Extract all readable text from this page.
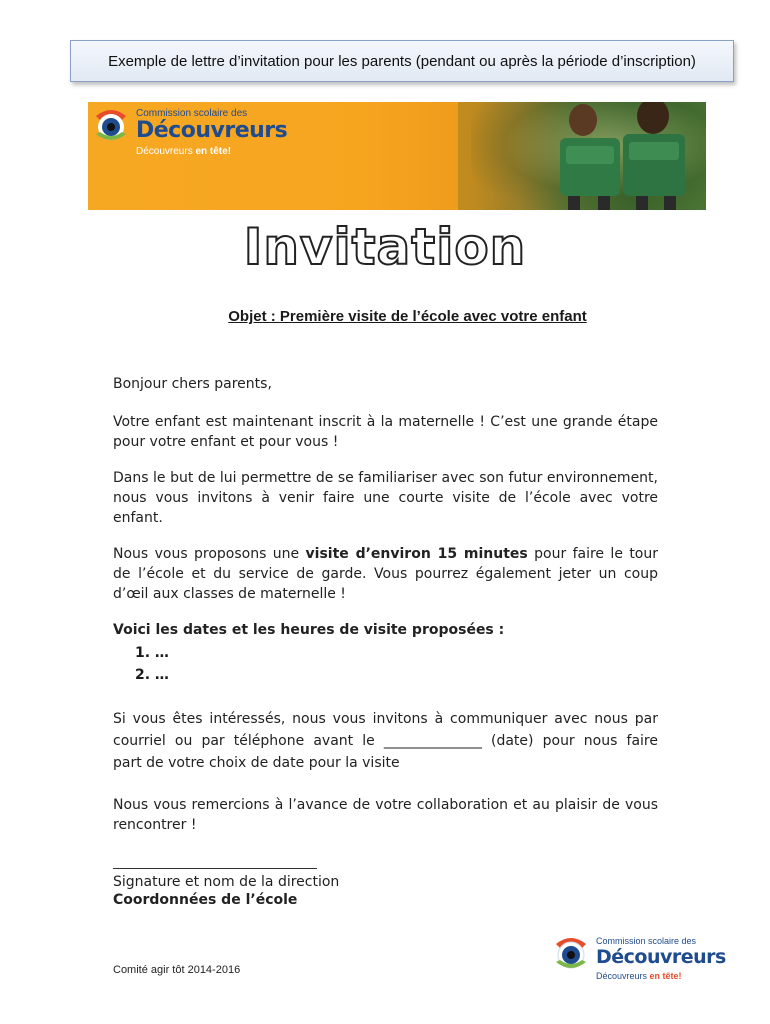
Exemple de lettre d’invitation pour les parents (pendant ou après la période d’inscription)
Commission scolaire des
Découvreurs
Découvreurs en tête!
Invitation
Objet : Première visite de l’école avec votre enfant
Bonjour chers parents,
Votre enfant est maintenant inscrit à la maternelle ! C’est une grande étape pour votre enfant et pour vous !
Dans le but de lui permettre de se familiariser avec son futur environnement, nous vous invitons à venir faire une courte visite de l’école avec votre enfant.
Nous vous proposons une visite d’environ 15 minutes pour faire le tour de l’école et du service de garde. Vous pourrez également jeter un coup d’œil aux classes de maternelle !
Voici les dates et les heures de visite proposées :
1. …
2. …
Si vous êtes intéressés, nous vous invitons à communiquer avec nous par
courriel ou par téléphone avant le ______________ (date) pour nous faire
part de votre choix de date pour la visite
Nous vous remercions à l’avance de votre collaboration et au plaisir de vous rencontrer !
Signature et nom de la direction
Coordonnées de l’école
Commission scolaire des
Découvreurs
Découvreurs en tête!
Comité agir tôt 2014-2016
